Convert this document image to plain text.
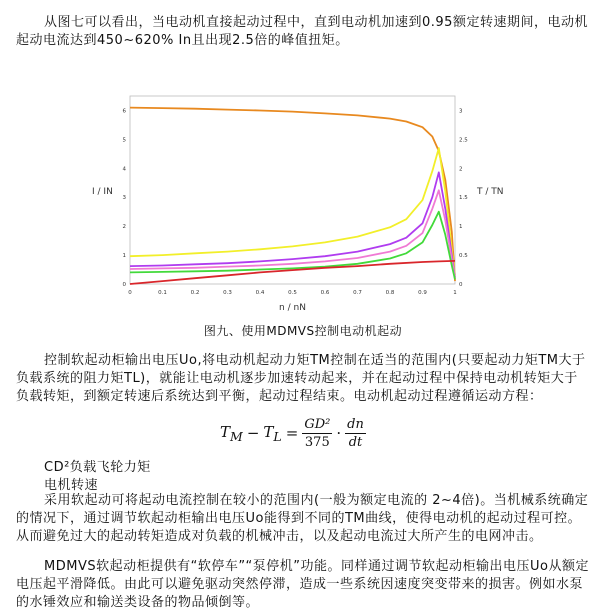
从图七可以看出，当电动机直接起动过程中，直到电动机加速到0.95额定转速期间，电动机起动电流达到450~620% In且出现2.5倍的峰值扭矩。

0	0.1	0.2	0.3	0.4	0.5	0.6	0.7	0.8	0.9	1
0
1
2
3
4
5
6
0
0.5
1
1.5
2
2.5
3
n / nN
I / IN	T / TN
图九、使用MDMVS控制电动机起动

控制软起动柜输出电压Uo,将电动机起动力矩TM控制在适当的范围内(只要起动力矩TM大于负载系统的阻力矩TL)，就能让电动机逐步加速转动起来，并在起动过程中保持电动机转矩大于负载转矩，到额定转速后系统达到平衡，起动过程结束。电动机起动过程遵循运动方程：

$T_M - T_L = \frac{\text{GD²}}{375} \cdot \frac{dn}{dt}$
CD²负载飞轮力矩
电机转速

采用软起动可将起动电流控制在较小的范围内(一般为额定电流的 2~4倍)。当机械系统确定的情况下，通过调节软起动柜输出电压Uo能得到不同的TM曲线，使得电动机的起动过程可控。从而避免过大的起动转矩造成对负载的机械冲击，以及起动电流过大所产生的电网冲击。

MDMVS软起动柜提供有“软停车”“泵停机”功能。同样通过调节软起动柜输出电压Uo从额定电压起平滑降低。由此可以避免驱动突然停滞，造成一些系统因速度突变带来的损害。例如水泵的水锤效应和输送类设备的物品倾倒等。
